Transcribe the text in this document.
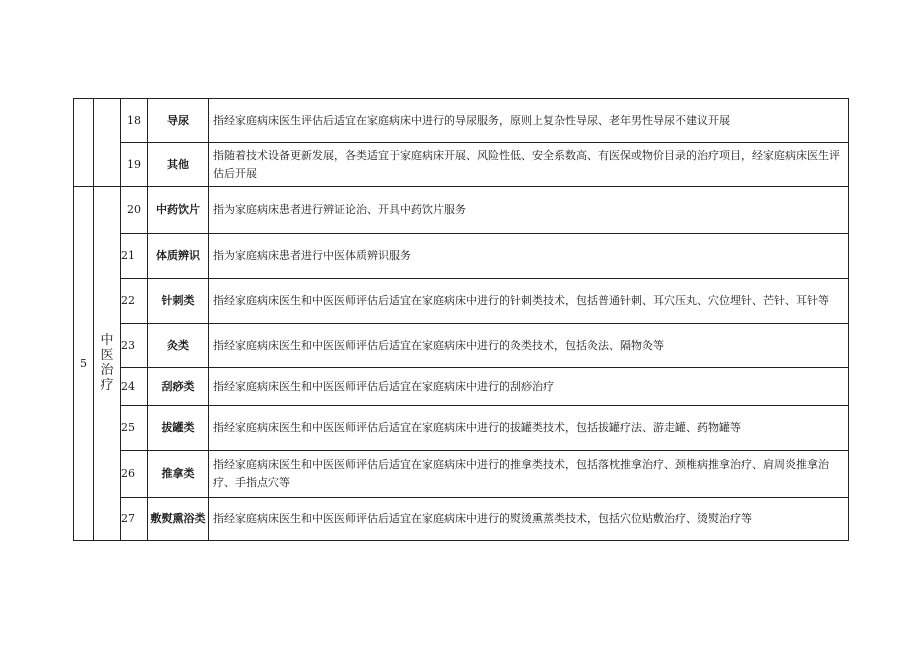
		18	导尿	指经家庭病床医生评估后适宜在家庭病床中进行的导尿服务，原则上复杂性导尿、老年男性导尿不建议开展
		19	其他	指随着技术设备更新发展，各类适宜于家庭病床开展、风险性低、安全系数高、有医保或物价目录的治疗项目，经家庭病床医生评估后开展
5	中医治疗	20	中药饮片	指为家庭病床患者进行辨证论治、开具中药饮片服务
		21	体质辨识	指为家庭病床患者进行中医体质辨识服务
		22	针刺类	指经家庭病床医生和中医医师评估后适宜在家庭病床中进行的针刺类技术，包括普通针刺、耳穴压丸、穴位埋针、芒针、耳针等
		23	灸类	指经家庭病床医生和中医医师评估后适宜在家庭病床中进行的灸类技术，包括灸法、隔物灸等
		24	刮痧类	指经家庭病床医生和中医医师评估后适宜在家庭病床中进行的刮痧治疗
		25	拔罐类	指经家庭病床医生和中医医师评估后适宜在家庭病床中进行的拔罐类技术，包括拔罐疗法、游走罐、药物罐等
		26	推拿类	指经家庭病床医生和中医医师评估后适宜在家庭病床中进行的推拿类技术，包括落枕推拿治疗、颈椎病推拿治疗、肩周炎推拿治疗、手指点穴等
		27	敷熨熏浴类	指经家庭病床医生和中医医师评估后适宜在家庭病床中进行的熨烫熏蒸类技术，包括穴位贴敷治疗、烫熨治疗等
